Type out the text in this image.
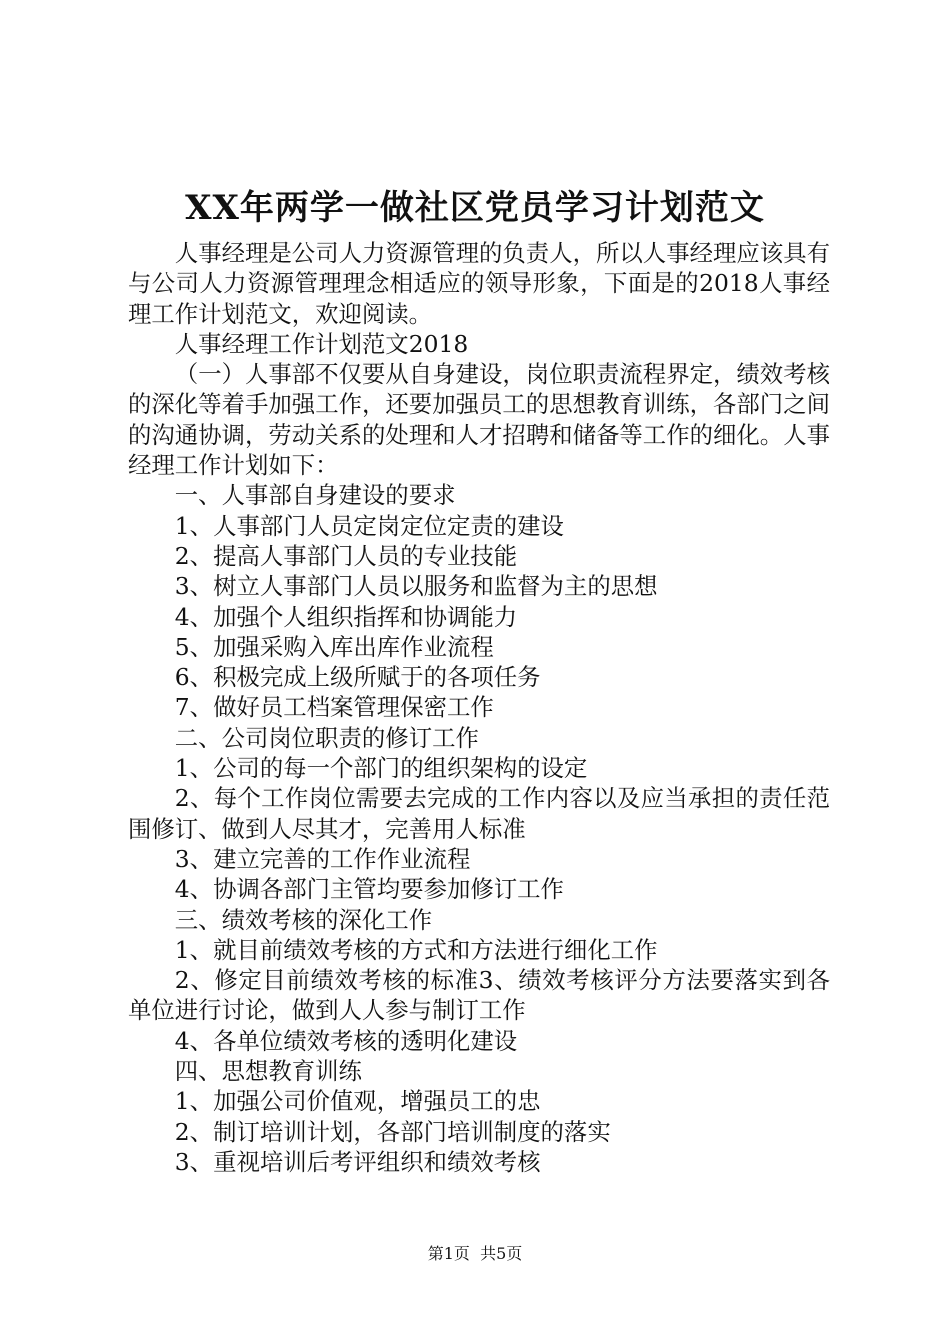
XX年两学一做社区党员学习计划范文

人事经理是公司人力资源管理的负责人，所以人事经理应该具有与公司人力资源管理理念相适应的领导形象，下面是的2018人事经理工作计划范文，欢迎阅读。

人事经理工作计划范文2018

（一）人事部不仅要从自身建设，岗位职责流程界定，绩效考核的深化等着手加强工作，还要加强员工的思想教育训练，各部门之间的沟通协调，劳动关系的处理和人才招聘和储备等工作的细化。人事经理工作计划如下：

一、人事部自身建设的要求

1、人事部门人员定岗定位定责的建设

2、提高人事部门人员的专业技能

3、树立人事部门人员以服务和监督为主的思想

4、加强个人组织指挥和协调能力

5、加强采购入库出库作业流程

6、积极完成上级所赋于的各项任务

7、做好员工档案管理保密工作

二、公司岗位职责的修订工作

1、公司的每一个部门的组织架构的设定

2、每个工作岗位需要去完成的工作内容以及应当承担的责任范围修订、做到人尽其才，完善用人标准

3、建立完善的工作作业流程

4、协调各部门主管均要参加修订工作

三、绩效考核的深化工作

1、就目前绩效考核的方式和方法进行细化工作

2、修定目前绩效考核的标准3、绩效考核评分方法要落实到各单位进行讨论，做到人人参与制订工作

4、各单位绩效考核的透明化建设

四、思想教育训练

1、加强公司价值观，增强员工的忠

2、制订培训计划，各部门培训制度的落实

3、重视培训后考评组织和绩效考核

第1页  共5页
